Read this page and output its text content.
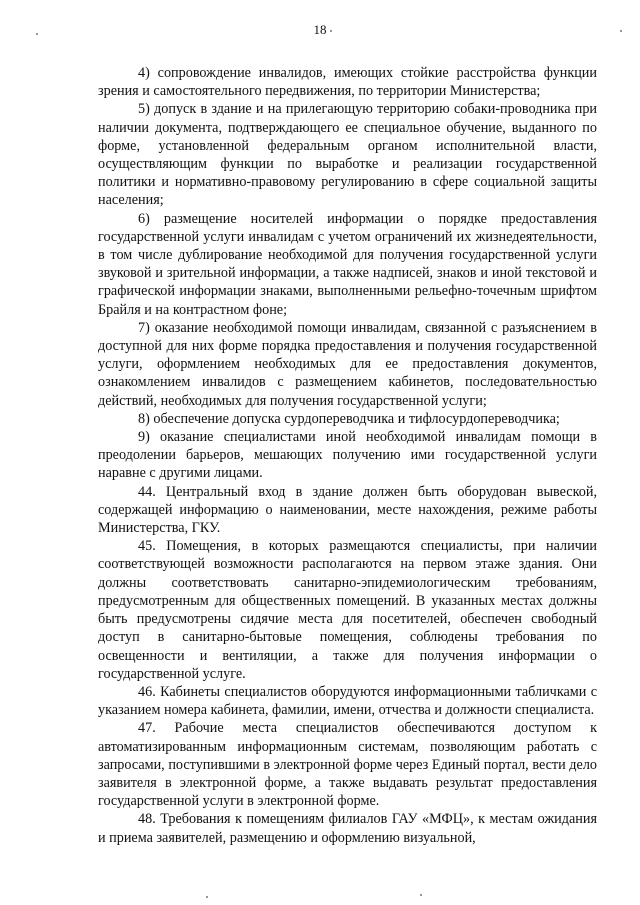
18

4) сопровождение инвалидов, имеющих стойкие расстройства функции зрения и самостоятельного передвижения, по территории Министерства;

5) допуск в здание и на прилегающую территорию собаки-проводника при наличии документа, подтверждающего ее специальное обучение, выданного по форме, установленной федеральным органом исполнительной власти, осуществляющим функции по выработке и реализации государственной политики и нормативно-правовому регулированию в сфере социальной защиты населения;

6) размещение носителей информации о порядке предоставления государственной услуги инвалидам с учетом ограничений их жизнедеятельности, в том числе дублирование необходимой для получения государственной услуги звуковой и зрительной информации, а также надписей, знаков и иной текстовой и графической информации знаками, выполненными рельефно-точечным шрифтом Брайля и на контрастном фоне;

7) оказание необходимой помощи инвалидам, связанной с разъяснением в доступной для них форме порядка предоставления и получения государственной услуги, оформлением необходимых для ее предоставления документов, ознакомлением инвалидов с размещением кабинетов, последовательностью действий, необходимых для получения государственной услуги;

8) обеспечение допуска сурдопереводчика и тифлосурдопереводчика;

9) оказание специалистами иной необходимой инвалидам помощи в преодолении барьеров, мешающих получению ими государственной услуги наравне с другими лицами.

44. Центральный вход в здание должен быть оборудован вывеской, содержащей информацию о наименовании, месте нахождения, режиме работы Министерства, ГКУ.

45. Помещения, в которых размещаются специалисты, при наличии соответствующей возможности располагаются на первом этаже здания. Они должны соответствовать санитарно-эпидемиологическим требованиям, предусмотренным для общественных помещений. В указанных местах должны быть предусмотрены сидячие места для посетителей, обеспечен свободный доступ в санитарно-бытовые помещения, соблюдены требования по освещенности и вентиляции, а также для получения информации о государственной услуге.

46. Кабинеты специалистов оборудуются информационными табличками с указанием номера кабинета, фамилии, имени, отчества и должности специалиста.

47. Рабочие места специалистов обеспечиваются доступом к автоматизированным информационным системам, позволяющим работать с запросами, поступившими в электронной форме через Единый портал, вести дело заявителя в электронной форме, а также выдавать результат предоставления государственной услуги в электронной форме.

48. Требования к помещениям филиалов ГАУ «МФЦ», к местам ожидания и приема заявителей, размещению и оформлению визуальной,
